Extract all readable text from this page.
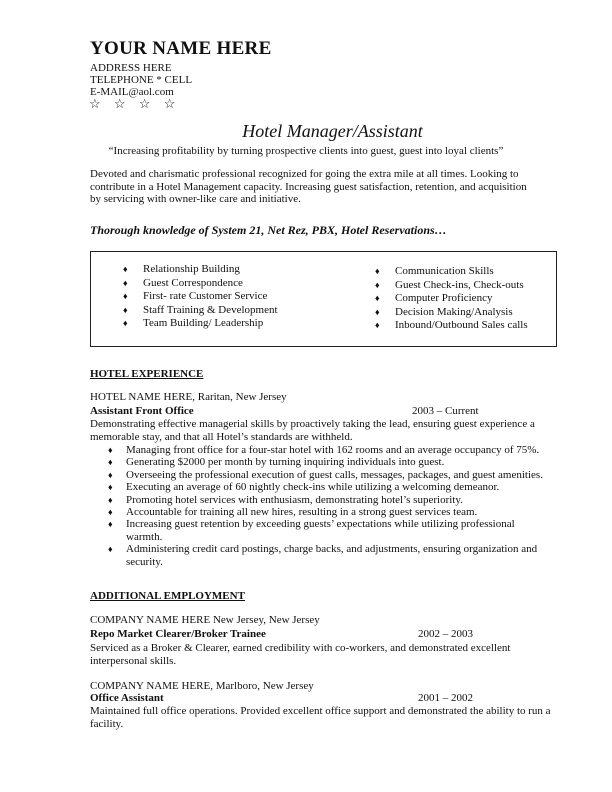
YOUR NAME HERE
ADDRESS HERE
TELEPHONE * CELL
E-MAIL@aol.com
☆ ☆ ☆ ☆
Hotel Manager/Assistant
“Increasing profitability by turning prospective clients into guest, guest into loyal clients”
Devoted and charismatic professional recognized for going the extra mile at all times. Looking to contribute in a Hotel Management capacity. Increasing guest satisfaction, retention, and acquisition by servicing with owner-like care and initiative.
Thorough knowledge of System 21, Net Rez, PBX, Hotel Reservations…
♦ Relationship Building
♦ Guest Correspondence
♦ First- rate Customer Service
♦ Staff Training & Development
♦ Team Building/ Leadership
♦ Communication Skills
♦ Guest Check-ins, Check-outs
♦ Computer Proficiency
♦ Decision Making/Analysis
♦ Inbound/Outbound Sales calls
HOTEL EXPERIENCE
HOTEL NAME HERE, Raritan, New Jersey
Assistant Front Office	2003 – Current
Demonstrating effective managerial skills by proactively taking the lead, ensuring guest experience a memorable stay, and that all Hotel’s standards are withheld.
♦ Managing front office for a four-star hotel with 162 rooms and an average occupancy of 75%.
♦ Generating $2000 per month by turning inquiring individuals into guest.
♦ Overseeing the professional execution of guest calls, messages, packages, and guest amenities.
♦ Executing an average of 60 nightly check-ins while utilizing a welcoming demeanor.
♦ Promoting hotel services with enthusiasm, demonstrating hotel’s superiority.
♦ Accountable for training all new hires, resulting in a strong guest services team.
♦ Increasing guest retention by exceeding guests’ expectations while utilizing professional warmth.
♦ Administering credit card postings, charge backs, and adjustments, ensuring organization and security.
ADDITIONAL EMPLOYMENT
COMPANY NAME HERE New Jersey, New Jersey
Repo Market Clearer/Broker Trainee	2002 – 2003
Serviced as a Broker & Clearer, earned credibility with co-workers, and demonstrated excellent interpersonal skills.
COMPANY NAME HERE, Marlboro, New Jersey
Office Assistant	2001 – 2002
Maintained full office operations. Provided excellent office support and demonstrated the ability to run a facility.
